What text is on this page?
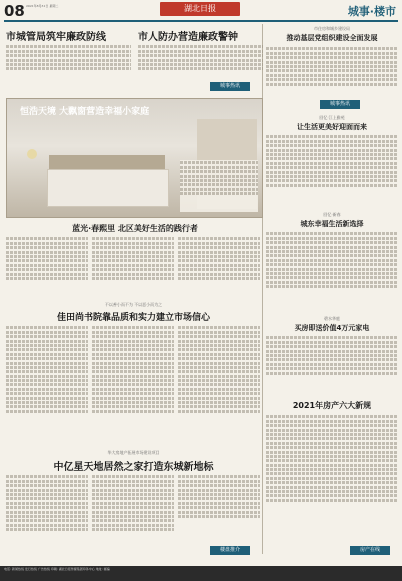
08 2021年8月31日 星期二	湖北日报	城事·楼市
市城管局筑牢廉政防线	市人防办营造廉政警钟
城事热讯
恒浩天境 大飘窗营造幸福小家庭
蓝光·春熙里 北区美好生活的践行者
不以善小而不为 不以恶小而为之
佳田尚书院靠品质和实力建立市场信心
华大房地产拓展市场建设项目
中亿星天地居然之家打造东城新地标
楼盘推介
市住房和城乡建设局
推动基层党组织建设全面发展
城事热讯
回忆·江上雅苑
让生活更美好迎面而来
回忆·新春
城东幸福生活新选择
碧水华庭
买房即送价值4万元家电
2021年房产六大新规
房产在线
电话: 新闻热线 发行热线 广告热线 印刷: 湖北日报传媒集团印务中心 地址: 邮编
